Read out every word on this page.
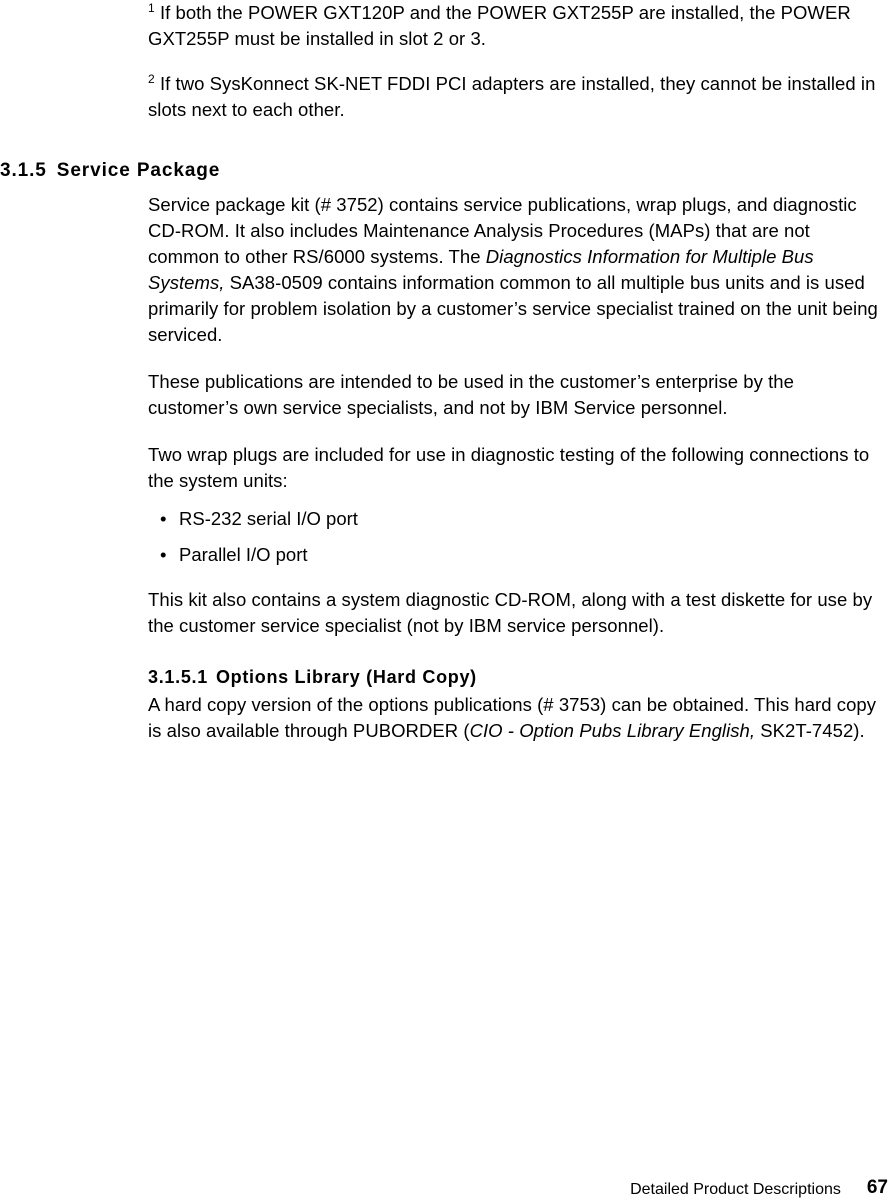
$^1$ If both the POWER GXT120P and the POWER GXT255P are installed, the POWER GXT255P must be installed in slot 2 or 3.
$^2$ If two SysKonnect SK-NET FDDI PCI adapters are installed, they cannot be installed in slots next to each other.
3.1.5 Service Package
Service package kit (# 3752) contains service publications, wrap plugs, and diagnostic CD-ROM. It also includes Maintenance Analysis Procedures (MAPs) that are not common to other RS/6000 systems. The Diagnostics Information for Multiple Bus Systems, SA38-0509 contains information common to all multiple bus units and is used primarily for problem isolation by a customer’s service specialist trained on the unit being serviced.
These publications are intended to be used in the customer’s enterprise by the customer’s own service specialists, and not by IBM Service personnel.
Two wrap plugs are included for use in diagnostic testing of the following connections to the system units:
• RS-232 serial I/O port
• Parallel I/O port
This kit also contains a system diagnostic CD-ROM, along with a test diskette for use by the customer service specialist (not by IBM service personnel).
3.1.5.1 Options Library (Hard Copy)
A hard copy version of the options publications (# 3753) can be obtained. This hard copy is also available through PUBORDER (CIO - Option Pubs Library English, SK2T-7452).
Detailed Product Descriptions 67
